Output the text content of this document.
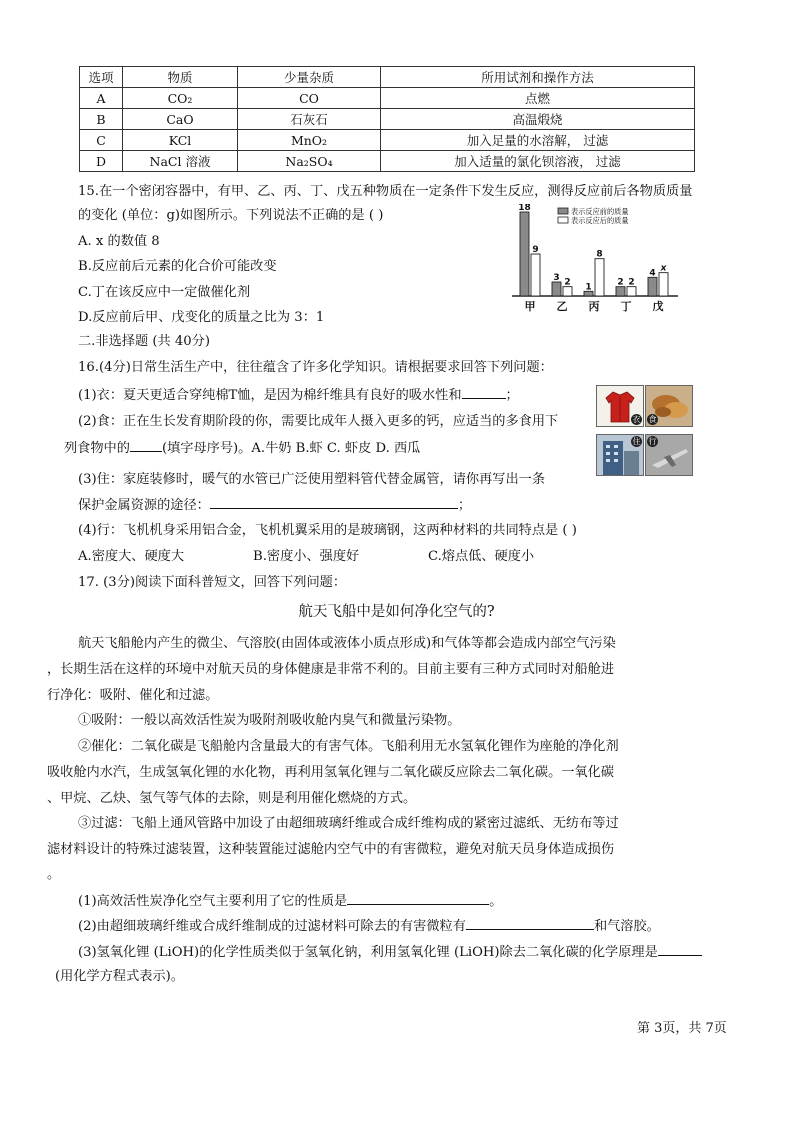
选项	物质	少量杂质	所用试剂和操作方法
A	CO₂	CO	点燃
B	CaO	石灰石	高温煅烧
C	KCl	MnO₂	加入足量的水溶解， 过滤
D	NaCl 溶液	Na₂SO₄	加入适量的氯化钡溶液， 过滤
15.在一个密闭容器中，有甲、乙、丙、丁、戊五种物质在一定条件下发生反应，测得反应前后各物质质量
的变化 (单位：g)如图所示。下列说法不正确的是 ( )
A. x 的数值 8
B.反应前后元素的化合价可能改变
C.丁在该反应中一定做催化剂
D.反应前后甲、戊变化的质量之比为 3：1
18
9
甲
3 2
乙
1
8
丙
2 2
丁
4 x
戊
表示反应前的质量
表示反应后的质量
二.非选择题 (共 40分)
16.(4分)日常生活生产中，往往蕴含了许多化学知识。请根据要求回答下列问题：
(1)衣：夏天更适合穿纯棉T恤，是因为棉纤维具有良好的吸水性和	；
(2)食：正在生长发育期阶段的你，需要比成年人摄入更多的钙，应适当的多食用下
列食物中的 (填字母序号)。A.牛奶 B.虾 C. 虾皮 D. 西瓜
(3)住：家庭装修时，暖气的水管已广泛使用塑料管代替金属管，请你再写出一条
保护金属资源的途径：	；
(4)行：飞机机身采用铝合金，飞机机翼采用的是玻璃钢，这两种材料的共同特点是 ( )
A.密度大、硬度大	B.密度小、强度好	C.熔点低、硬度小
衣 食
住 行
17. (3分)阅读下面科普短文，回答下列问题：
航天飞船中是如何净化空气的?
航天飞船舱内产生的微尘、气溶胶(由固体或液体小质点形成)和气体等都会造成内部空气污染
，长期生活在这样的环境中对航天员的身体健康是非常不利的。目前主要有三种方式同时对船舱进
行净化：吸附、催化和过滤。
①吸附：一般以高效活性炭为吸附剂吸收舱内臭气和微量污染物。
②催化：二氧化碳是飞船舱内含量最大的有害气体。飞船利用无水氢氧化锂作为座舱的净化剂
吸收舱内水汽，生成氢氧化锂的水化物，再利用氢氧化锂与二氧化碳反应除去二氧化碳。一氧化碳
、甲烷、乙炔、氢气等气体的去除，则是利用催化燃烧的方式。
③过滤：飞船上通风管路中加设了由超细玻璃纤维或合成纤维构成的紧密过滤纸、无纺布等过
滤材料设计的特殊过滤装置，这种装置能过滤舱内空气中的有害微粒，避免对航天员身体造成损伤
。
(1)高效活性炭净化空气主要利用了它的性质是	。
(2)由超细玻璃纤维或合成纤维制成的过滤材料可除去的有害微粒有	和气溶胶。
(3)氢氧化锂 (LiOH)的化学性质类似于氢氧化钠，利用氢氧化锂 (LiOH)除去二氧化碳的化学原理是
(用化学方程式表示)。
第 3页，共 7页
